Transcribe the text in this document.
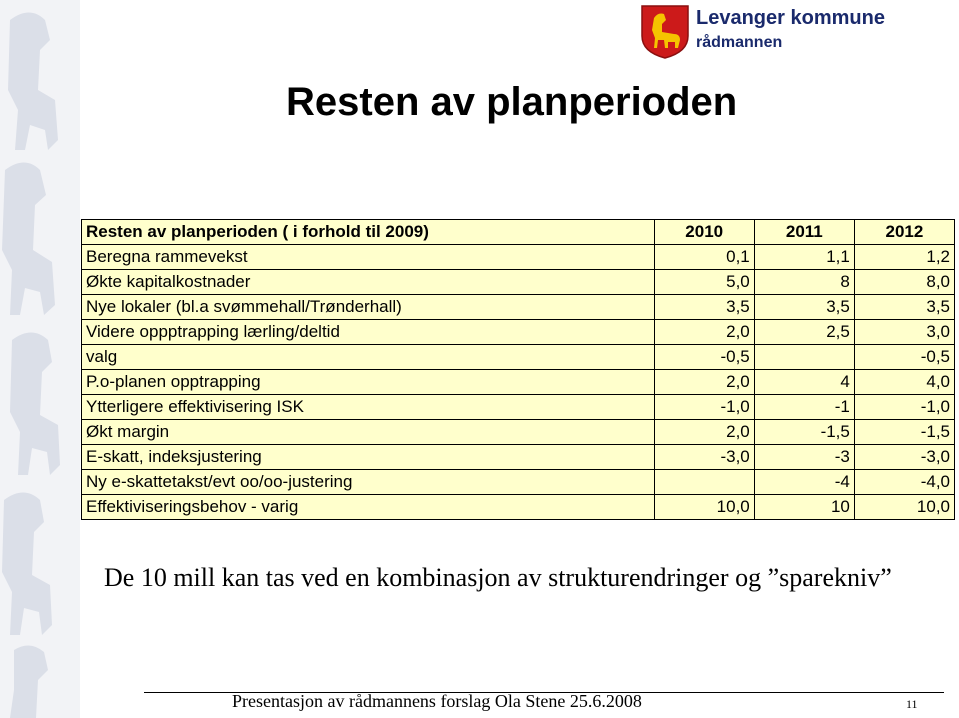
Levanger kommune
rådmannen
Resten av planperioden
Resten av planperioden ( i forhold til 2009)	2010	2011	2012
Beregna rammevekst	0,1	1,1	1,2
Økte kapitalkostnader	5,0	8	8,0
Nye lokaler (bl.a svømmehall/Trønderhall)	3,5	3,5	3,5
Videre oppptrapping lærling/deltid	2,0	2,5	3,0
valg	-0,5		-0,5
P.o-planen opptrapping	2,0	4	4,0
Ytterligere effektivisering ISK	-1,0	-1	-1,0
Økt margin	2,0	-1,5	-1,5
E-skatt, indeksjustering	-3,0	-3	-3,0
Ny e-skattetakst/evt oo/oo-justering		-4	-4,0
Effektiviseringsbehov - varig	10,0	10	10,0
De 10 mill kan tas ved en kombinasjon av strukturendringer og ”sparekniv”
Presentasjon av rådmannens forslag Ola Stene 25.6.2008	11
